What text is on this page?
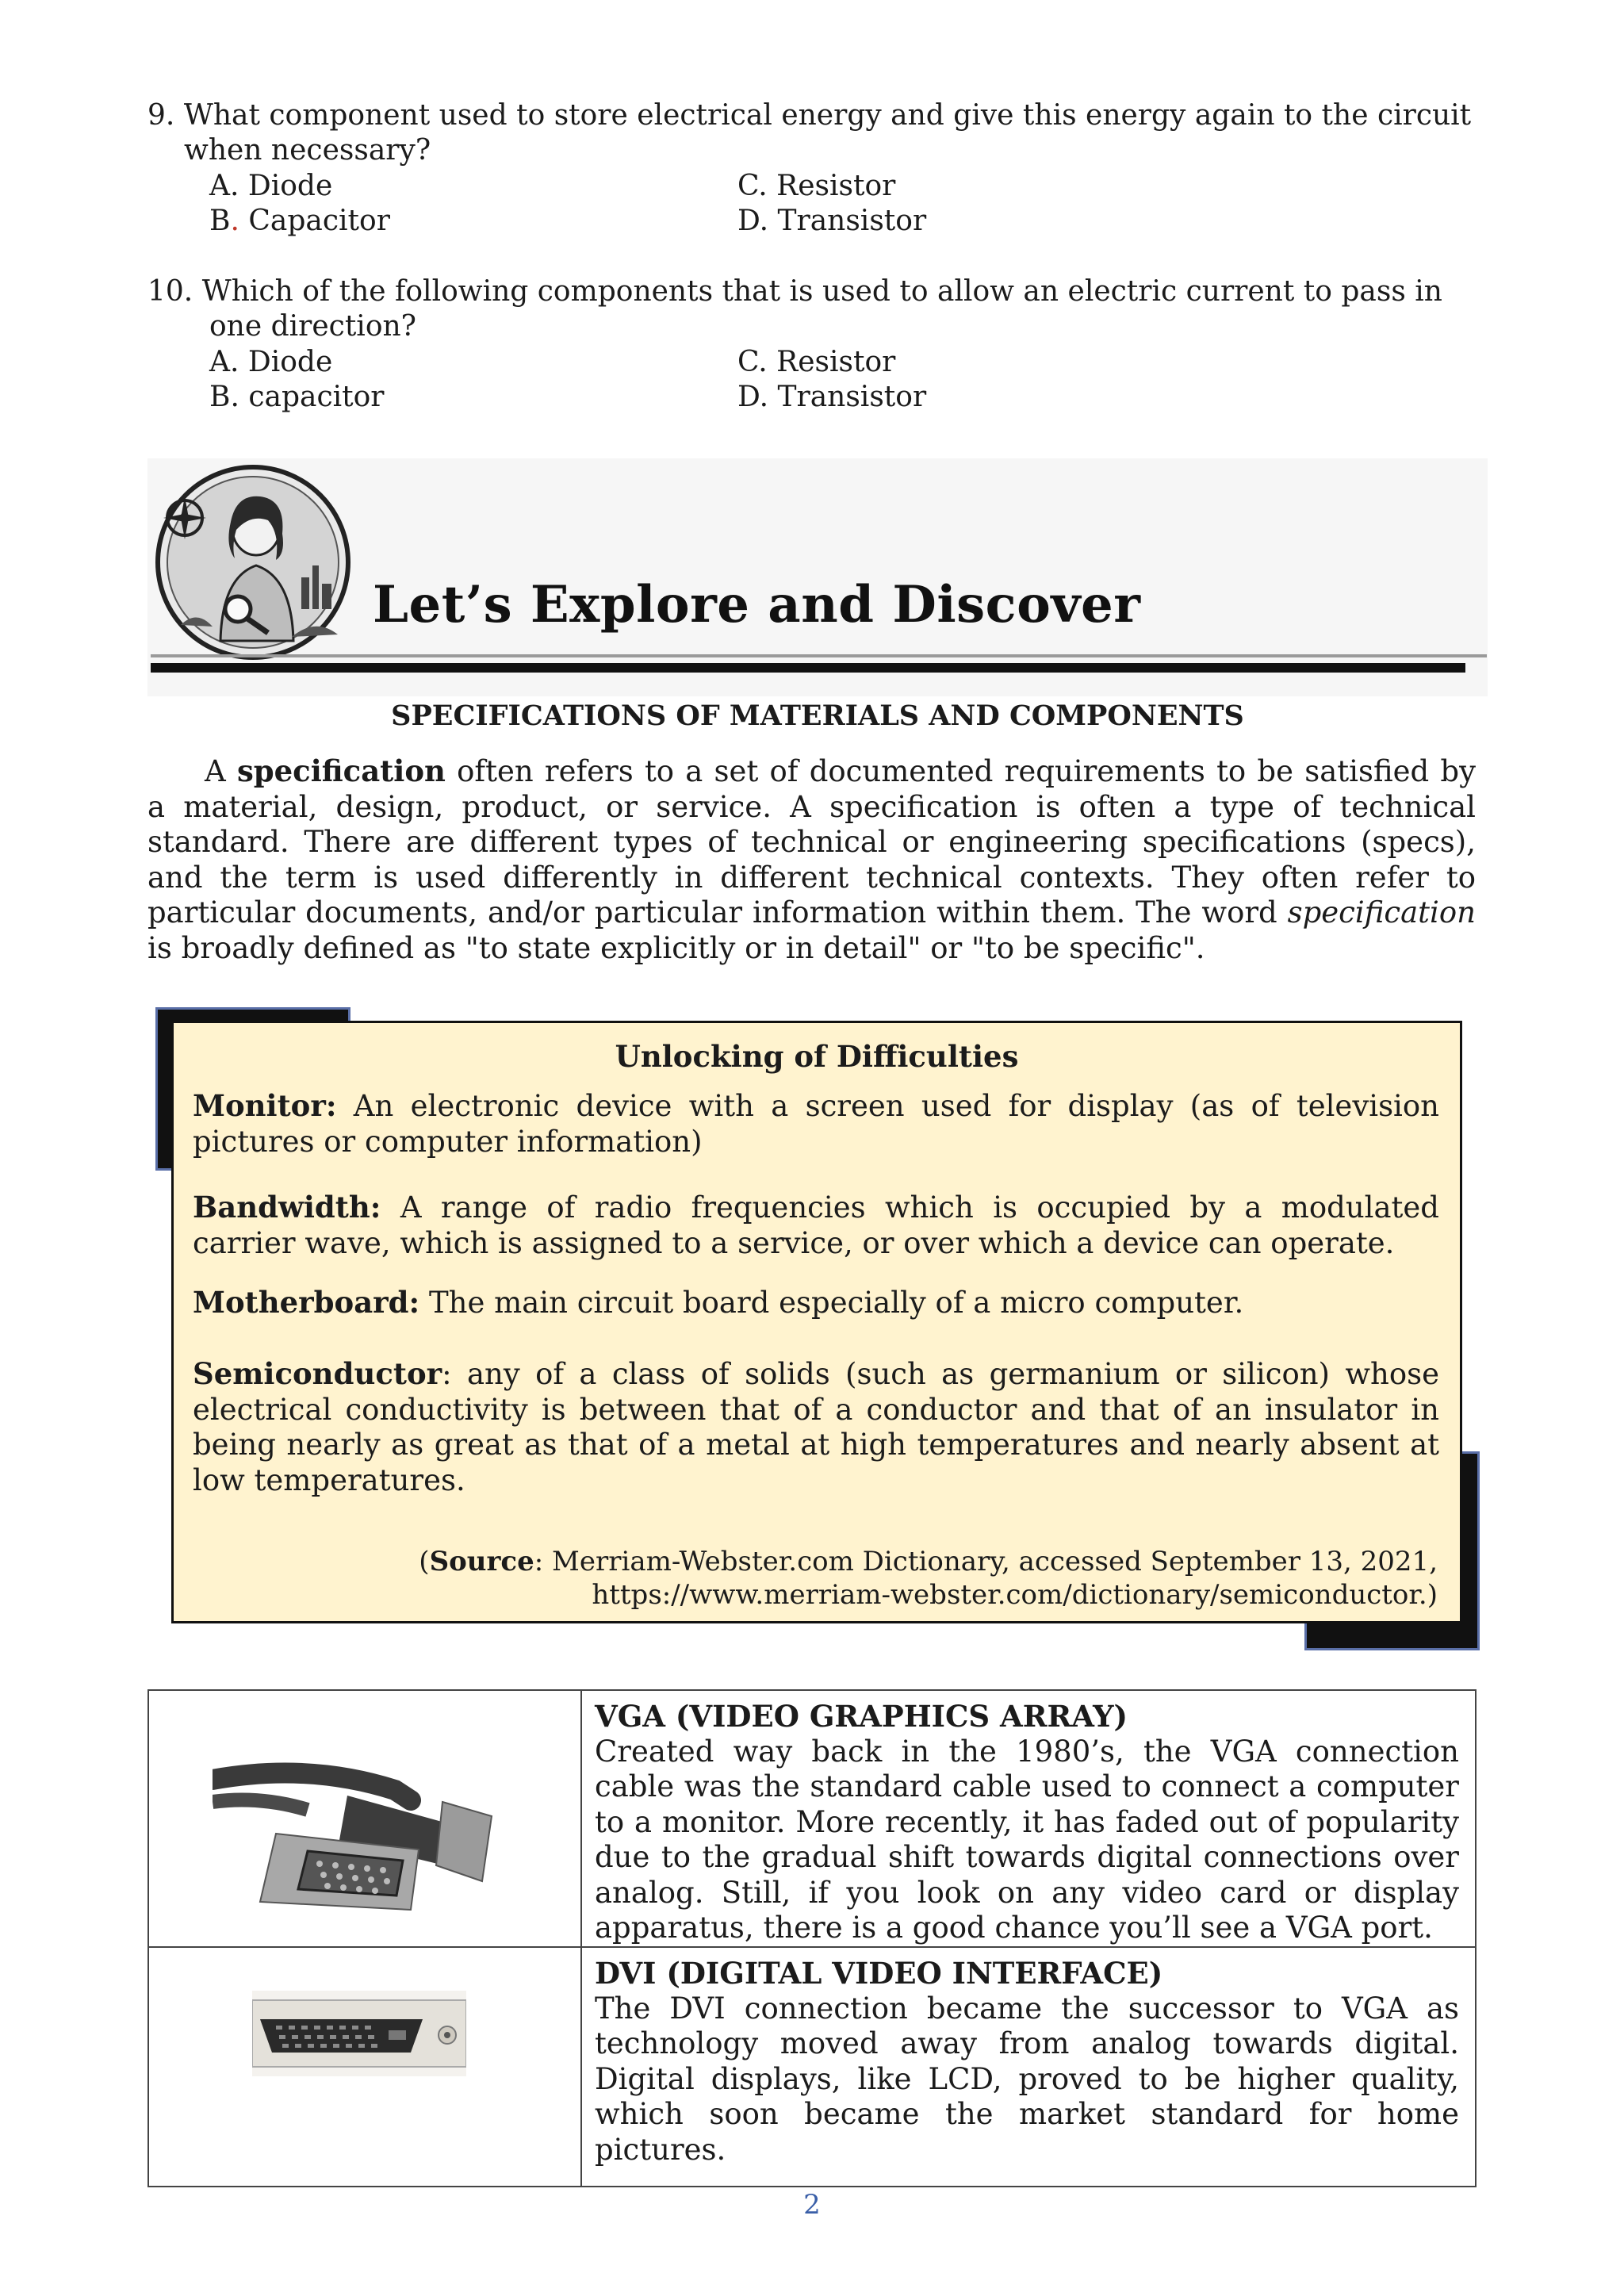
9. What component used to store electrical energy and give this energy again to the circuit
when necessary?
A. Diode	C. Resistor
B. Capacitor	D. Transistor
10. Which of the following components that is used to allow an electric current to pass in
one direction?
A. Diode	C. Resistor
B. capacitor	D. Transistor
Let’s Explore and Discover
SPECIFICATIONS OF MATERIALS AND COMPONENTS
A specification often refers to a set of documented requirements to be satisfied by a material, design, product, or service. A specification is often a type of technical standard. There are different types of technical or engineering specifications (specs), and the term is used differently in different technical contexts. They often refer to particular documents, and/or particular information within them. The word specification is broadly defined as "to state explicitly or in detail" or "to be specific".
Unlocking of Difficulties
Monitor: An electronic device with a screen used for display (as of television pictures or computer information)
Bandwidth: A range of radio frequencies which is occupied by a modulated carrier wave, which is assigned to a service, or over which a device can operate.
Motherboard: The main circuit board especially of a micro computer.
Semiconductor: any of a class of solids (such as germanium or silicon) whose electrical conductivity is between that of a conductor and that of an insulator in being nearly as great as that of a metal at high temperatures and nearly absent at low temperatures.
(Source: Merriam-Webster.com Dictionary, accessed September 13, 2021,
https://www.merriam-webster.com/dictionary/semiconductor.)
VGA (VIDEO GRAPHICS ARRAY)
Created way back in the 1980’s, the VGA connection cable was the standard cable used to connect a computer to a monitor. More recently, it has faded out of popularity due to the gradual shift towards digital connections over analog. Still, if you look on any video card or display apparatus, there is a good chance you’ll see a VGA port.
DVI (DIGITAL VIDEO INTERFACE)
The DVI connection became the successor to VGA as technology moved away from analog towards digital. Digital displays, like LCD, proved to be higher quality, which soon became the market standard for home pictures.
2
